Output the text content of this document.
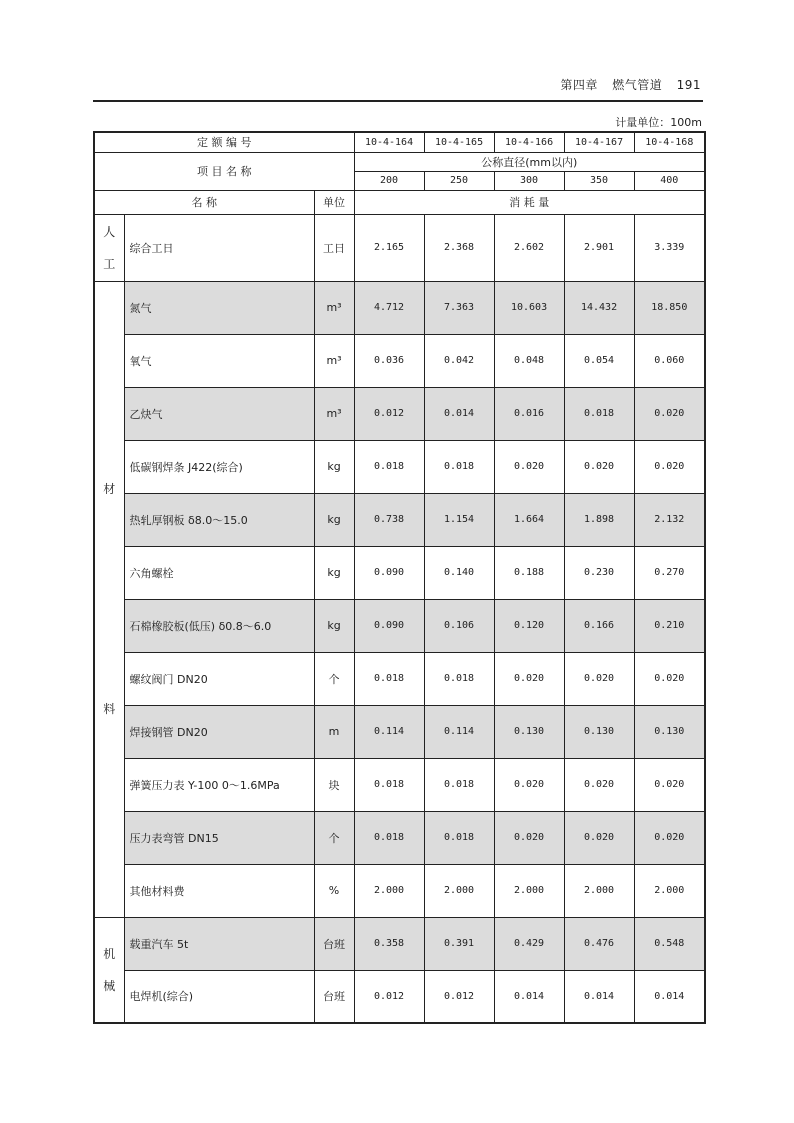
第四章 燃气管道 191
计量单位：100m
定 额 编 号			10-4-164	10-4-165	10-4-166	10-4-167	10-4-168
项 目 名 称			公称直径(mm以内)				
			200	250	300	350	400
名 称		单位	消 耗 量				

人
工	综合工日	工日	2.165	2.368	2.602	2.901	3.339

材
料	氮气	m³	4.712	7.363	10.603	14.432	18.850
	氧气	m³	0.036	0.042	0.048	0.054	0.060
	乙炔气	m³	0.012	0.014	0.016	0.018	0.020
	低碳钢焊条 J422(综合)	kg	0.018	0.018	0.020	0.020	0.020
	热轧厚钢板 δ8.0～15.0	kg	0.738	1.154	1.664	1.898	2.132
	六角螺栓	kg	0.090	0.140	0.188	0.230	0.270
	石棉橡胶板(低压) δ0.8～6.0	kg	0.090	0.106	0.120	0.166	0.210
	螺纹阀门 DN20	个	0.018	0.018	0.020	0.020	0.020
	焊接钢管 DN20	m	0.114	0.114	0.130	0.130	0.130
	弹簧压力表 Y-100 0～1.6MPa	块	0.018	0.018	0.020	0.020	0.020
	压力表弯管 DN15	个	0.018	0.018	0.020	0.020	0.020
	其他材料费	%	2.000	2.000	2.000	2.000	2.000

机
械	载重汽车 5t	台班	0.358	0.391	0.429	0.476	0.548
	电焊机(综合)	台班	0.012	0.012	0.014	0.014	0.014
